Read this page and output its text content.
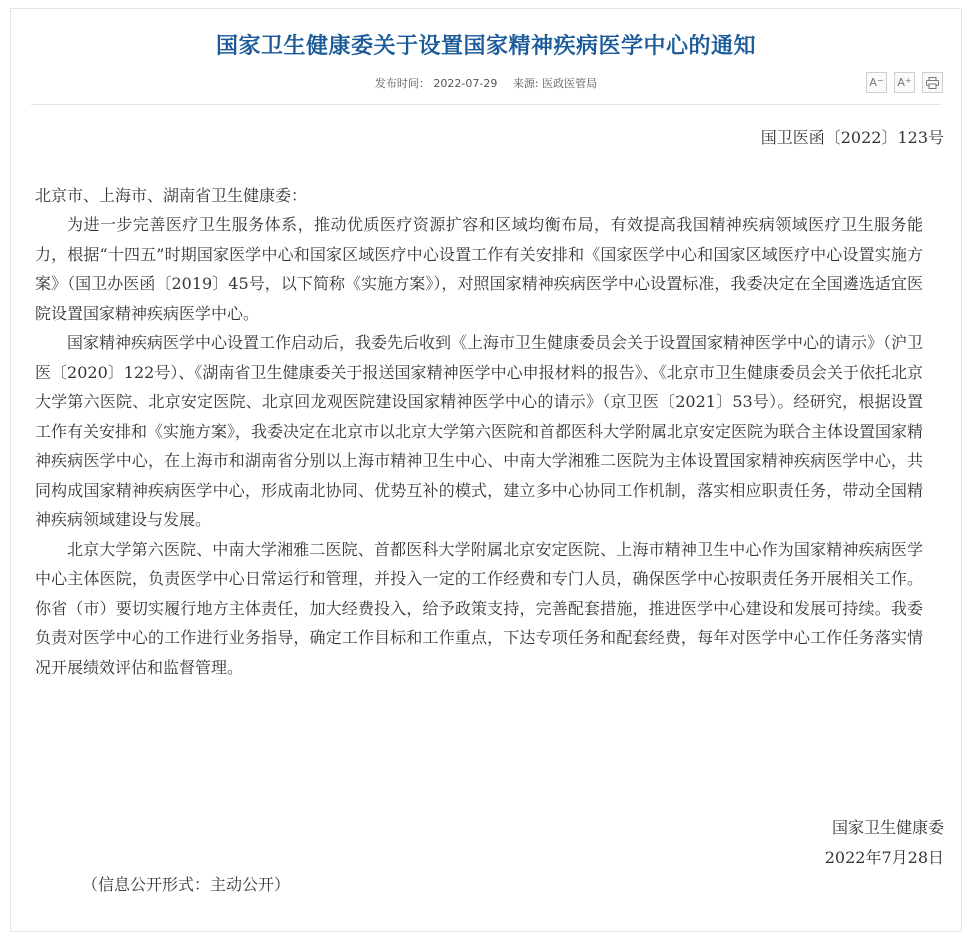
国家卫生健康委关于设置国家精神疾病医学中心的通知
发布时间： 2022-07-29 来源: 医政医管局	A− A+
国卫医函〔2022〕123号
北京市、上海市、湖南省卫生健康委：

为进一步完善医疗卫生服务体系，推动优质医疗资源扩容和区域均衡布局，有效提高我国精神疾病领域医疗卫生服务能力，根据“十四五”时期国家医学中心和国家区域医疗中心设置工作有关安排和《国家医学中心和国家区域医疗中心设置实施方案》（国卫办医函〔2019〕45号，以下简称《实施方案》），对照国家精神疾病医学中心设置标准，我委决定在全国遴选适宜医院设置国家精神疾病医学中心。

国家精神疾病医学中心设置工作启动后，我委先后收到《上海市卫生健康委员会关于设置国家精神医学中心的请示》（沪卫医〔2020〕122号）、《湖南省卫生健康委关于报送国家精神医学中心申报材料的报告》、《北京市卫生健康委员会关于依托北京大学第六医院、北京安定医院、北京回龙观医院建设国家精神医学中心的请示》（京卫医〔2021〕53号）。经研究，根据设置工作有关安排和《实施方案》，我委决定在北京市以北京大学第六医院和首都医科大学附属北京安定医院为联合主体设置国家精神疾病医学中心，在上海市和湖南省分别以上海市精神卫生中心、中南大学湘雅二医院为主体设置国家精神疾病医学中心，共同构成国家精神疾病医学中心，形成南北协同、优势互补的模式，建立多中心协同工作机制，落实相应职责任务，带动全国精神疾病领域建设与发展。

北京大学第六医院、中南大学湘雅二医院、首都医科大学附属北京安定医院、上海市精神卫生中心作为国家精神疾病医学中心主体医院，负责医学中心日常运行和管理，并投入一定的工作经费和专门人员，确保医学中心按职责任务开展相关工作。你省（市）要切实履行地方主体责任，加大经费投入，给予政策支持，完善配套措施，推进医学中心建设和发展可持续。我委负责对医学中心的工作进行业务指导，确定工作目标和工作重点，下达专项任务和配套经费，每年对医学中心工作任务落实情况开展绩效评估和监督管理。

国家卫生健康委
2022年7月28日
（信息公开形式：主动公开）
